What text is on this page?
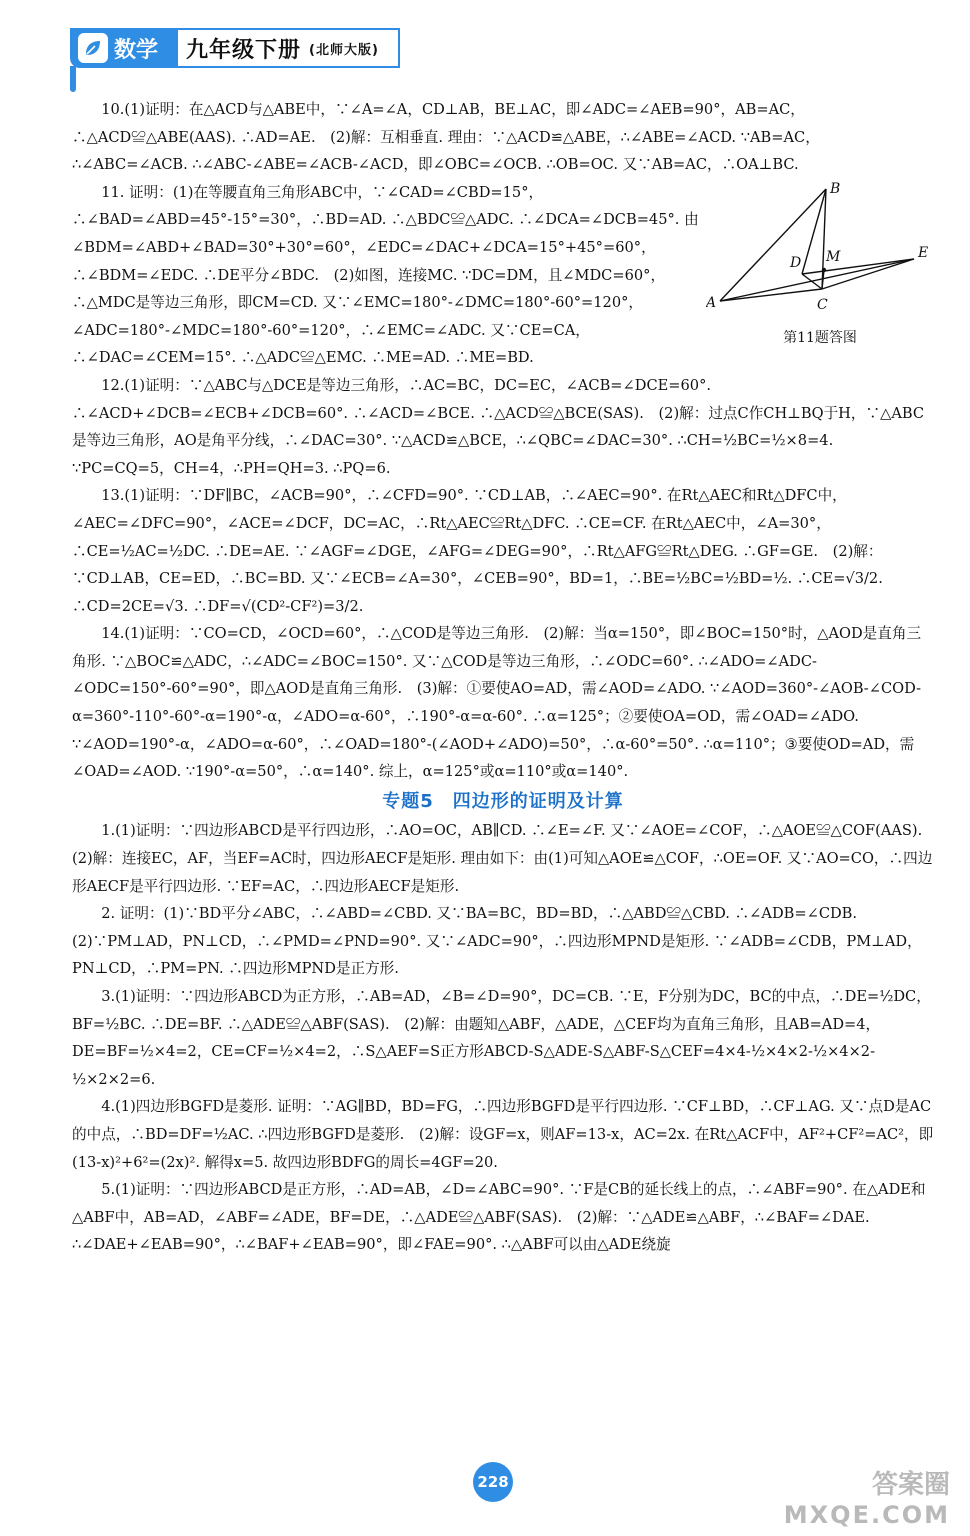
数学 九年级下册 (北师大版)

10.(1)证明：在△ACD与△ABE中，∵∠A=∠A，CD⊥AB，BE⊥AC，即∠ADC=∠AEB=90°，AB=AC，∴△ACD≌△ABE(AAS). ∴AD=AE.　(2)解：互相垂直. 理由：∵△ACD≌△ABE，∴∠ABE=∠ACD. ∵AB=AC，∴∠ABC=∠ACB. ∴∠ABC-∠ABE=∠ACB-∠ACD，即∠OBC=∠OCB. ∴OB=OC. 又∵AB=AC，∴OA⊥BC.

11. 证明：(1)在等腰直角三角形ABC中，∵∠CAD=∠CBD=15°，∴∠BAD=∠ABD=45°-15°=30°，∴BD=AD. ∴△BDC≌△ADC. ∴∠DCA=∠DCB=45°. 由∠BDM=∠ABD+∠BAD=30°+30°=60°，∠EDC=∠DAC+∠DCA=15°+45°=60°，∴∠BDM=∠EDC. ∴DE平分∠BDC.　(2)如图，连接MC. ∵DC=DM，且∠MDC=60°，∴△MDC是等边三角形，即CM=CD. 又∵∠EMC=180°-∠DMC=180°-60°=120°，∠ADC=180°-∠MDC=180°-60°=120°，∴∠EMC=∠ADC. 又∵CE=CA，∴∠DAC=∠CEM=15°. ∴△ADC≌△EMC. ∴ME=AD. ∴ME=BD.

A
B
C
D M	E
第11题答图

12.(1)证明：∵△ABC与△DCE是等边三角形，∴AC=BC，DC=EC，∠ACB=∠DCE=60°. ∴∠ACD+∠DCB=∠ECB+∠DCB=60°. ∴∠ACD=∠BCE. ∴△ACD≌△BCE(SAS).　(2)解：过点C作CH⊥BQ于H，∵△ABC是等边三角形，AO是角平分线，∴∠DAC=30°. ∵△ACD≌△BCE，∴∠QBC=∠DAC=30°. ∴CH=½BC=½×8=4. ∵PC=CQ=5，CH=4，∴PH=QH=3. ∴PQ=6.

13.(1)证明：∵DF∥BC，∠ACB=90°，∴∠CFD=90°. ∵CD⊥AB，∴∠AEC=90°. 在Rt△AEC和Rt△DFC中，∠AEC=∠DFC=90°，∠ACE=∠DCF，DC=AC，∴Rt△AEC≌Rt△DFC. ∴CE=CF. 在Rt△AEC中，∠A=30°，∴CE=½AC=½DC. ∴DE=AE. ∵∠AGF=∠DGE，∠AFG=∠DEG=90°，∴Rt△AFG≌Rt△DEG. ∴GF=GE.　(2)解：∵CD⊥AB，CE=ED，∴BC=BD. 又∵∠ECB=∠A=30°，∠CEB=90°，BD=1，∴BE=½BC=½BD=½. ∴CE=√3/2. ∴CD=2CE=√3. ∴DF=√(CD²-CF²)=3/2.

14.(1)证明：∵CO=CD，∠OCD=60°，∴△COD是等边三角形.　(2)解：当α=150°，即∠BOC=150°时，△AOD是直角三角形. ∵△BOC≌△ADC，∴∠ADC=∠BOC=150°. 又∵△COD是等边三角形，∴∠ODC=60°. ∴∠ADO=∠ADC-∠ODC=150°-60°=90°，即△AOD是直角三角形.　(3)解：①要使AO=AD，需∠AOD=∠ADO. ∵∠AOD=360°-∠AOB-∠COD-α=360°-110°-60°-α=190°-α，∠ADO=α-60°，∴190°-α=α-60°. ∴α=125°；②要使OA=OD，需∠OAD=∠ADO. ∵∠AOD=190°-α，∠ADO=α-60°，∴∠OAD=180°-(∠AOD+∠ADO)=50°，∴α-60°=50°. ∴α=110°；③要使OD=AD，需∠OAD=∠AOD. ∵190°-α=50°，∴α=140°. 综上，α=125°或α=110°或α=140°.

专题5　四边形的证明及计算

1.(1)证明：∵四边形ABCD是平行四边形，∴AO=OC，AB∥CD. ∴∠E=∠F. 又∵∠AOE=∠COF，∴△AOE≌△COF(AAS).　(2)解：连接EC，AF，当EF=AC时，四边形AECF是矩形. 理由如下：由(1)可知△AOE≌△COF，∴OE=OF. 又∵AO=CO，∴四边形AECF是平行四边形. ∵EF=AC，∴四边形AECF是矩形.

2. 证明：(1)∵BD平分∠ABC，∴∠ABD=∠CBD. 又∵BA=BC，BD=BD，∴△ABD≌△CBD. ∴∠ADB=∠CDB.　(2)∵PM⊥AD，PN⊥CD，∴∠PMD=∠PND=90°. 又∵∠ADC=90°，∴四边形MPND是矩形. ∵∠ADB=∠CDB，PM⊥AD，PN⊥CD，∴PM=PN. ∴四边形MPND是正方形.

3.(1)证明：∵四边形ABCD为正方形，∴AB=AD，∠B=∠D=90°，DC=CB. ∵E，F分别为DC，BC的中点，∴DE=½DC，BF=½BC. ∴DE=BF. ∴△ADE≌△ABF(SAS).　(2)解：由题知△ABF，△ADE，△CEF均为直角三角形，且AB=AD=4，DE=BF=½×4=2，CE=CF=½×4=2，∴S△AEF=S正方形ABCD-S△ADE-S△ABF-S△CEF=4×4-½×4×2-½×4×2-½×2×2=6.

4.(1)四边形BGFD是菱形. 证明：∵AG∥BD，BD=FG，∴四边形BGFD是平行四边形. ∵CF⊥BD，∴CF⊥AG. 又∵点D是AC的中点，∴BD=DF=½AC. ∴四边形BGFD是菱形.　(2)解：设GF=x，则AF=13-x，AC=2x. 在Rt△ACF中，AF²+CF²=AC²，即(13-x)²+6²=(2x)². 解得x=5. 故四边形BDFG的周长=4GF=20.

5.(1)证明：∵四边形ABCD是正方形，∴AD=AB，∠D=∠ABC=90°. ∵F是CB的延长线上的点，∴∠ABF=90°. 在△ADE和△ABF中，AB=AD，∠ABF=∠ADE，BF=DE，∴△ADE≌△ABF(SAS).　(2)解：∵△ADE≌△ABF，∴∠BAF=∠DAE. ∴∠DAE+∠EAB=90°，∴∠BAF+∠EAB=90°，即∠FAE=90°. ∴△ABF可以由△ADE绕旋

228	答案圈
MXQE.COM
